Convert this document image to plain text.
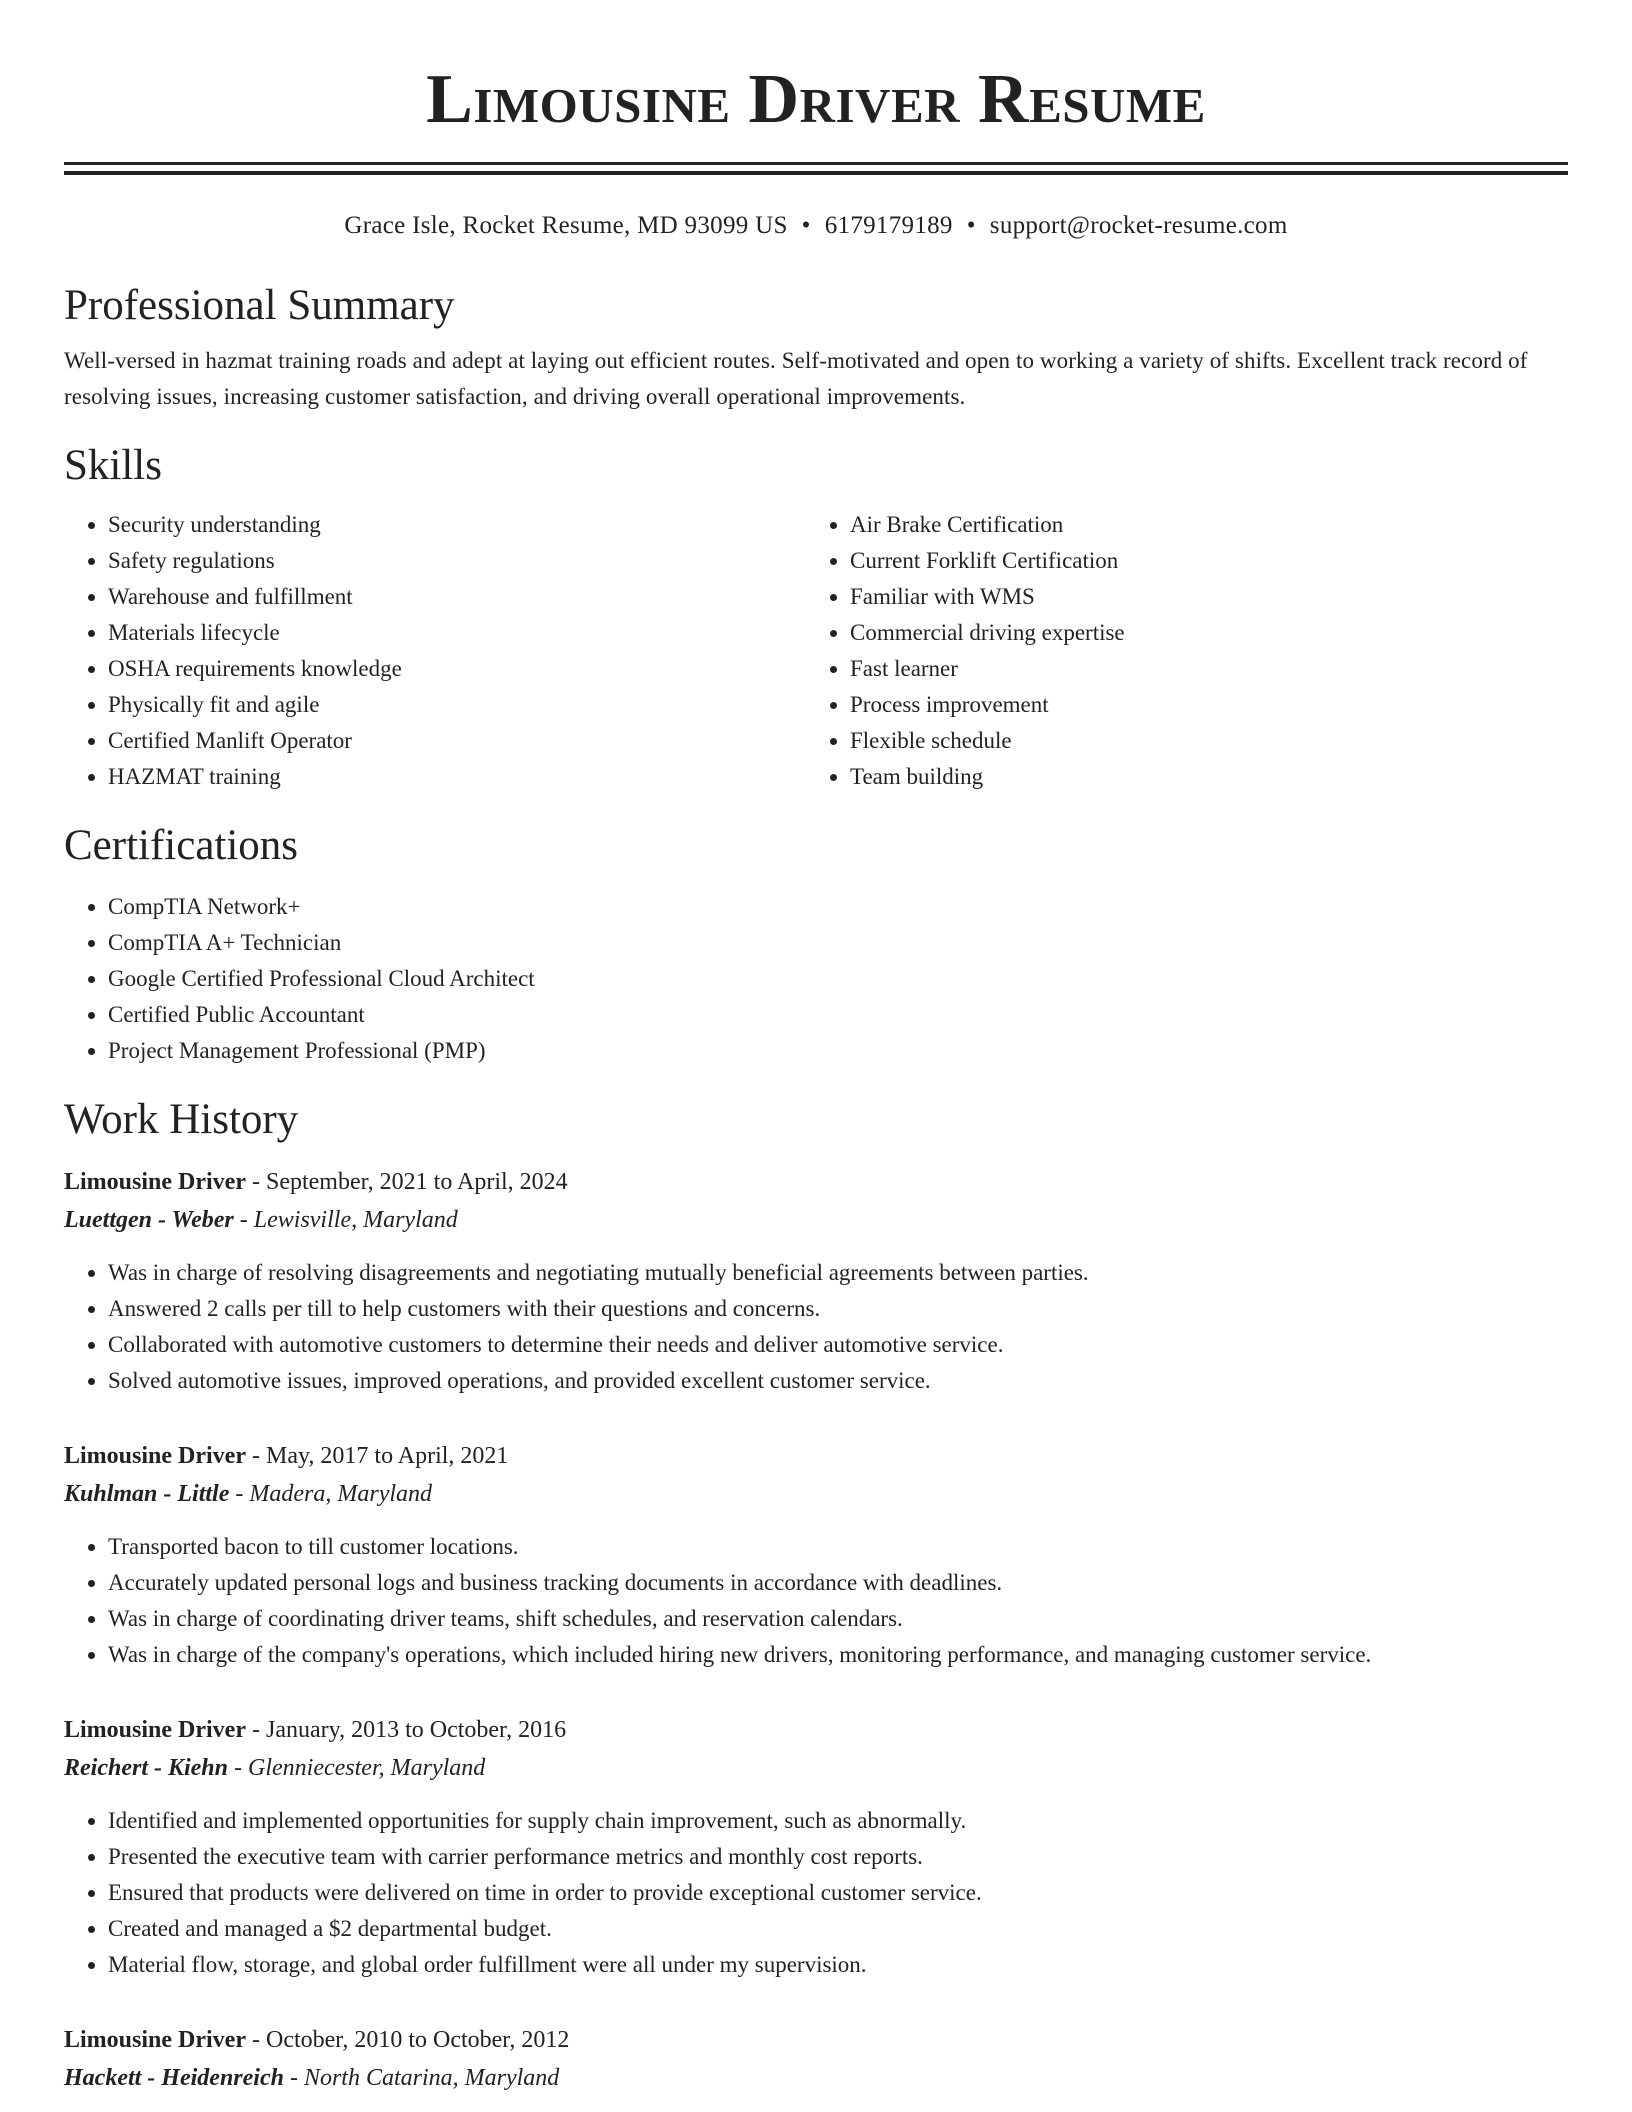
Limousine Driver Resume
Grace Isle, Rocket Resume, MD 93099 US • 6179179189 • support@rocket-resume.com
Professional Summary

Well-versed in hazmat training roads and adept at laying out efficient routes. Self-motivated and open to working a variety of shifts. Excellent track record of resolving issues, increasing customer satisfaction, and driving overall operational improvements.

Skills
• Security understanding
• Safety regulations
• Warehouse and fulfillment
• Materials lifecycle
• OSHA requirements knowledge
• Physically fit and agile
• Certified Manlift Operator
• HAZMAT training
• Air Brake Certification
• Current Forklift Certification
• Familiar with WMS
• Commercial driving expertise
• Fast learner
• Process improvement
• Flexible schedule
• Team building
Certifications
• CompTIA Network+
• CompTIA A+ Technician
• Google Certified Professional Cloud Architect
• Certified Public Accountant
• Project Management Professional (PMP)
Work History
Limousine Driver - September, 2021 to April, 2024
Luettgen - Weber - Lewisville, Maryland
• Was in charge of resolving disagreements and negotiating mutually beneficial agreements between parties.
• Answered 2 calls per till to help customers with their questions and concerns.
• Collaborated with automotive customers to determine their needs and deliver automotive service.
• Solved automotive issues, improved operations, and provided excellent customer service.
Limousine Driver - May, 2017 to April, 2021
Kuhlman - Little - Madera, Maryland
• Transported bacon to till customer locations.
• Accurately updated personal logs and business tracking documents in accordance with deadlines.
• Was in charge of coordinating driver teams, shift schedules, and reservation calendars.
• Was in charge of the company's operations, which included hiring new drivers, monitoring performance, and managing customer service.
Limousine Driver - January, 2013 to October, 2016
Reichert - Kiehn - Glenniecester, Maryland
• Identified and implemented opportunities for supply chain improvement, such as abnormally.
• Presented the executive team with carrier performance metrics and monthly cost reports.
• Ensured that products were delivered on time in order to provide exceptional customer service.
• Created and managed a $2 departmental budget.
• Material flow, storage, and global order fulfillment were all under my supervision.
Limousine Driver - October, 2010 to October, 2012
Hackett - Heidenreich - North Catarina, Maryland
